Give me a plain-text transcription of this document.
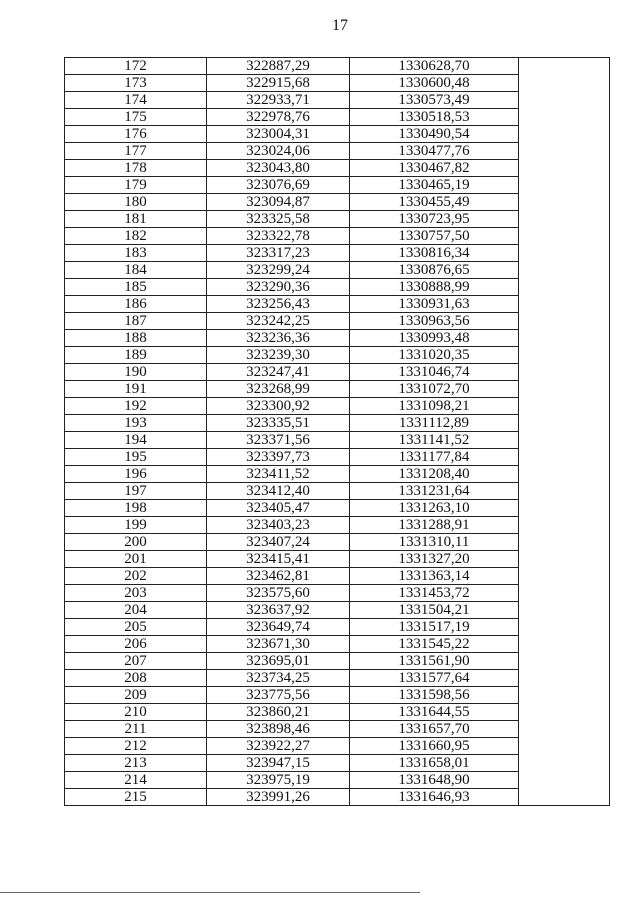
17
172	322887,29	1330628,70	
173	322915,68	1330600,48	
174	322933,71	1330573,49	
175	322978,76	1330518,53	
176	323004,31	1330490,54	
177	323024,06	1330477,76	
178	323043,80	1330467,82	
179	323076,69	1330465,19	
180	323094,87	1330455,49	
181	323325,58	1330723,95	
182	323322,78	1330757,50	
183	323317,23	1330816,34	
184	323299,24	1330876,65	
185	323290,36	1330888,99	
186	323256,43	1330931,63	
187	323242,25	1330963,56	
188	323236,36	1330993,48	
189	323239,30	1331020,35	
190	323247,41	1331046,74	
191	323268,99	1331072,70	
192	323300,92	1331098,21	
193	323335,51	1331112,89	
194	323371,56	1331141,52	
195	323397,73	1331177,84	
196	323411,52	1331208,40	
197	323412,40	1331231,64	
198	323405,47	1331263,10	
199	323403,23	1331288,91	
200	323407,24	1331310,11	
201	323415,41	1331327,20	
202	323462,81	1331363,14	
203	323575,60	1331453,72	
204	323637,92	1331504,21	
205	323649,74	1331517,19	
206	323671,30	1331545,22	
207	323695,01	1331561,90	
208	323734,25	1331577,64	
209	323775,56	1331598,56	
210	323860,21	1331644,55	
211	323898,46	1331657,70	
212	323922,27	1331660,95	
213	323947,15	1331658,01	
214	323975,19	1331648,90	
215	323991,26	1331646,93	
